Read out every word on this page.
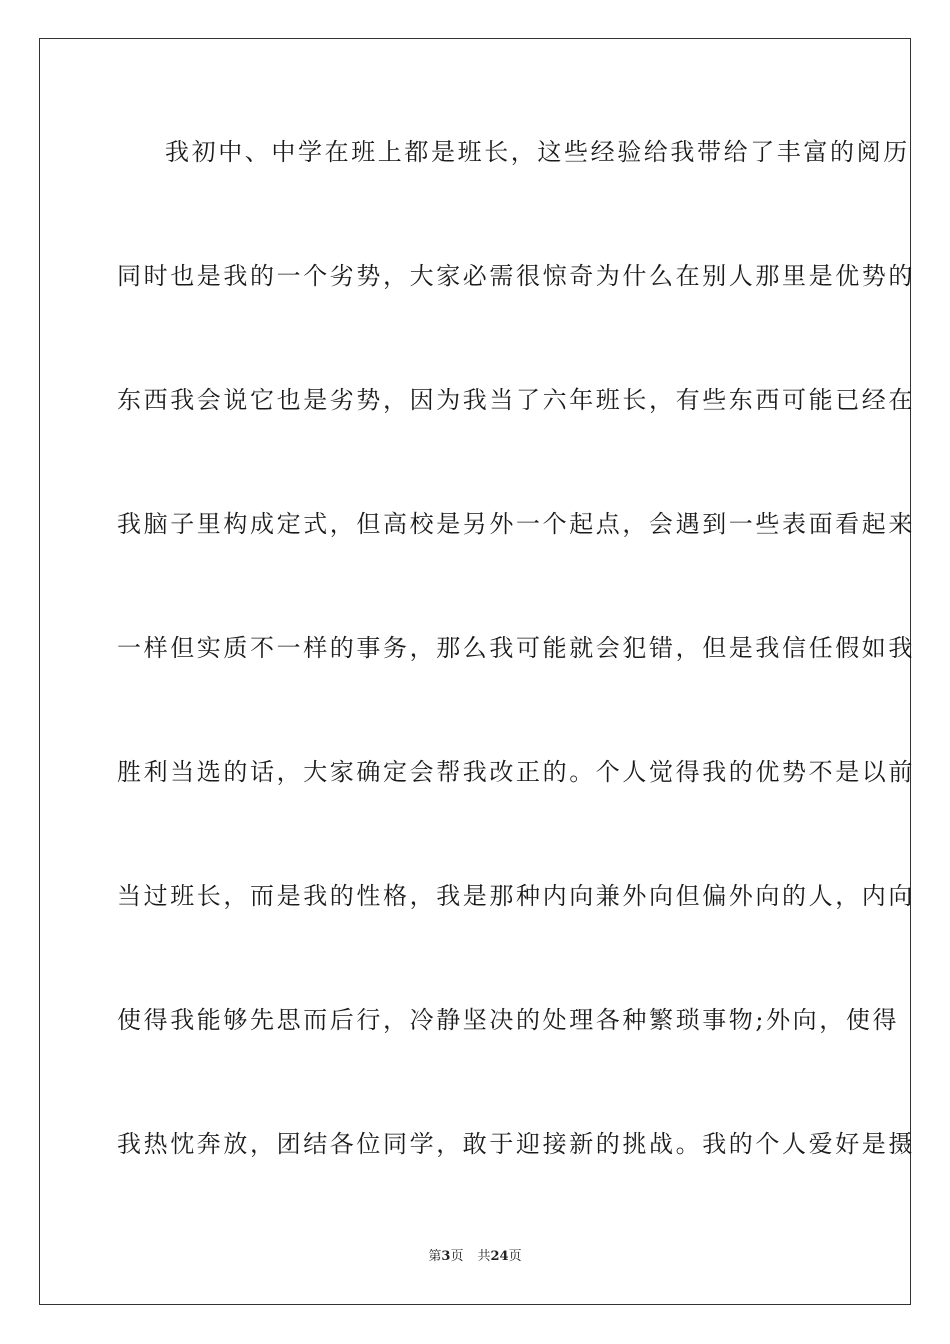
我初中、中学在班上都是班长，这些经验给我带给了丰富的阅历
同时也是我的一个劣势，大家必需很惊奇为什么在别人那里是优势的
东西我会说它也是劣势，因为我当了六年班长，有些东西可能已经在
我脑子里构成定式，但高校是另外一个起点，会遇到一些表面看起来
一样但实质不一样的事务，那么我可能就会犯错，但是我信任假如我
胜利当选的话，大家确定会帮我改正的。个人觉得我的优势不是以前
当过班长，而是我的性格，我是那种内向兼外向但偏外向的人，内向
使得我能够先思而后行，冷静坚决的处理各种繁琐事物;外向，使得
我热忱奔放，团结各位同学，敢于迎接新的挑战。我的个人爱好是摄
第3页 共24页
